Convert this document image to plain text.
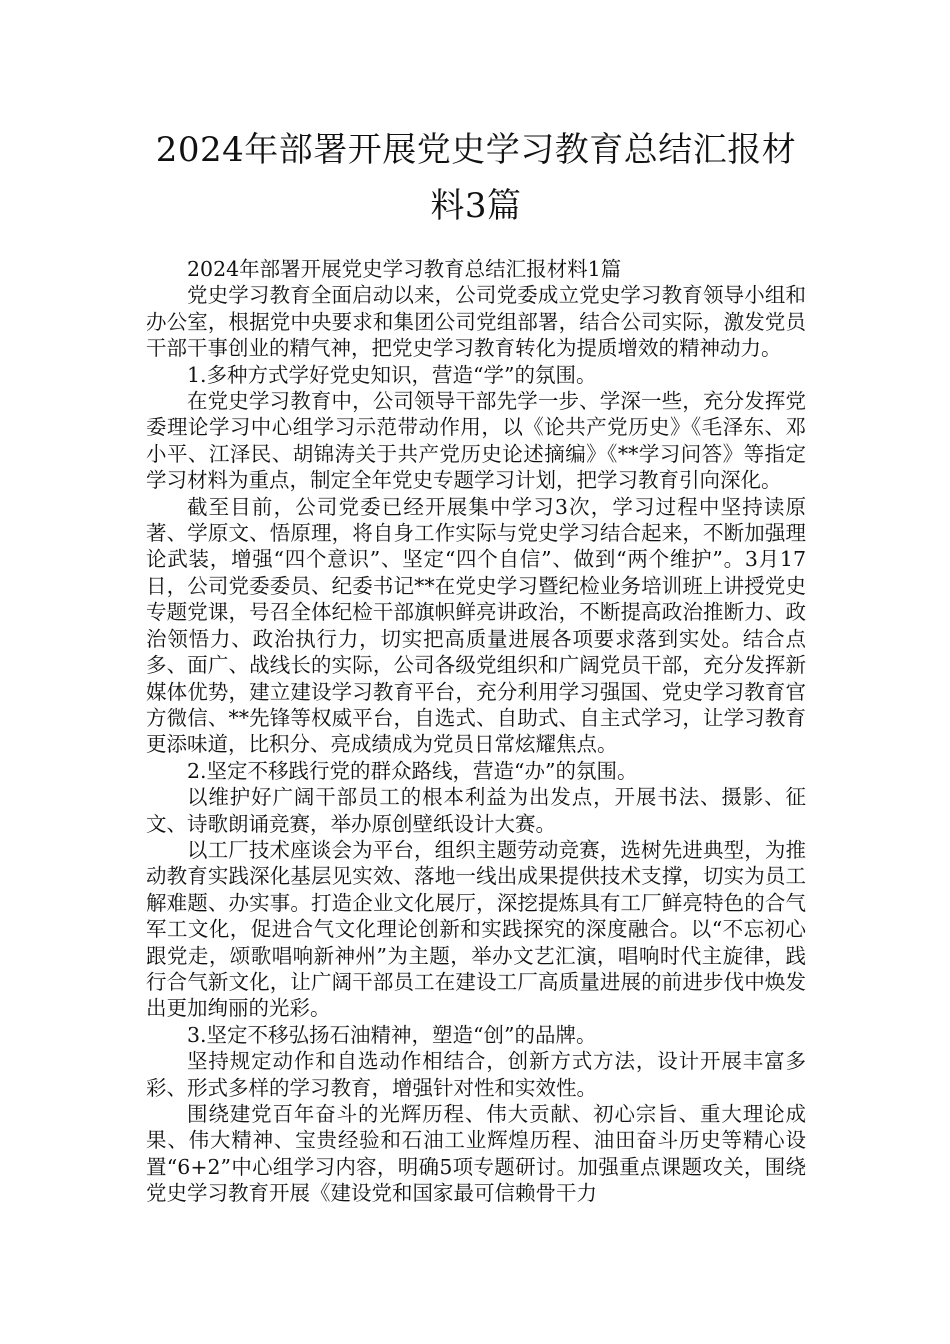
2024年部署开展党史学习教育总结汇报材
料3篇

2024年部署开展党史学习教育总结汇报材料1篇

党史学习教育全面启动以来，公司党委成立党史学习教育领导小组和办公室，根据党中央要求和集团公司党组部署，结合公司实际，激发党员干部干事创业的精气神，把党史学习教育转化为提质增效的精神动力。

1.多种方式学好党史知识，营造“学”的氛围。

在党史学习教育中，公司领导干部先学一步、学深一些，充分发挥党委理论学习中心组学习示范带动作用，以《论共产党历史》《毛泽东、邓小平、江泽民、胡锦涛关于共产党历史论述摘编》《**学习问答》等指定学习材料为重点，制定全年党史专题学习计划，把学习教育引向深化。

截至目前，公司党委已经开展集中学习3次，学习过程中坚持读原著、学原文、悟原理，将自身工作实际与党史学习结合起来，不断加强理论武装，增强“四个意识”、坚定“四个自信”、做到“两个维护”。3月17日，公司党委委员、纪委书记**在党史学习暨纪检业务培训班上讲授党史专题党课，号召全体纪检干部旗帜鲜亮讲政治，不断提高政治推断力、政治领悟力、政治执行力，切实把高质量进展各项要求落到实处。结合点多、面广、战线长的实际，公司各级党组织和广阔党员干部，充分发挥新媒体优势，建立建设学习教育平台，充分利用学习强国、党史学习教育官方微信、**先锋等权威平台，自选式、自助式、自主式学习，让学习教育更添味道，比积分、亮成绩成为党员日常炫耀焦点。

2.坚定不移践行党的群众路线，营造“办”的氛围。

以维护好广阔干部员工的根本利益为出发点，开展书法、摄影、征文、诗歌朗诵竞赛，举办原创壁纸设计大赛。

以工厂技术座谈会为平台，组织主题劳动竞赛，选树先进典型，为推动教育实践深化基层见实效、落地一线出成果提供技术支撑，切实为员工解难题、办实事。打造企业文化展厅，深挖提炼具有工厂鲜亮特色的合气军工文化，促进合气文化理论创新和实践探究的深度融合。以“不忘初心跟党走，颂歌唱响新神州”为主题，举办文艺汇演，唱响时代主旋律，践行合气新文化，让广阔干部员工在建设工厂高质量进展的前进步伐中焕发出更加绚丽的光彩。

3.坚定不移弘扬石油精神，塑造“创”的品牌。

坚持规定动作和自选动作相结合，创新方式方法，设计开展丰富多彩、形式多样的学习教育，增强针对性和实效性。

围绕建党百年奋斗的光辉历程、伟大贡献、初心宗旨、重大理论成果、伟大精神、宝贵经验和石油工业辉煌历程、油田奋斗历史等精心设置“6+2”中心组学习内容，明确5项专题研讨。加强重点课题攻关，围绕党史学习教育开展《建设党和国家最可信赖骨干力
